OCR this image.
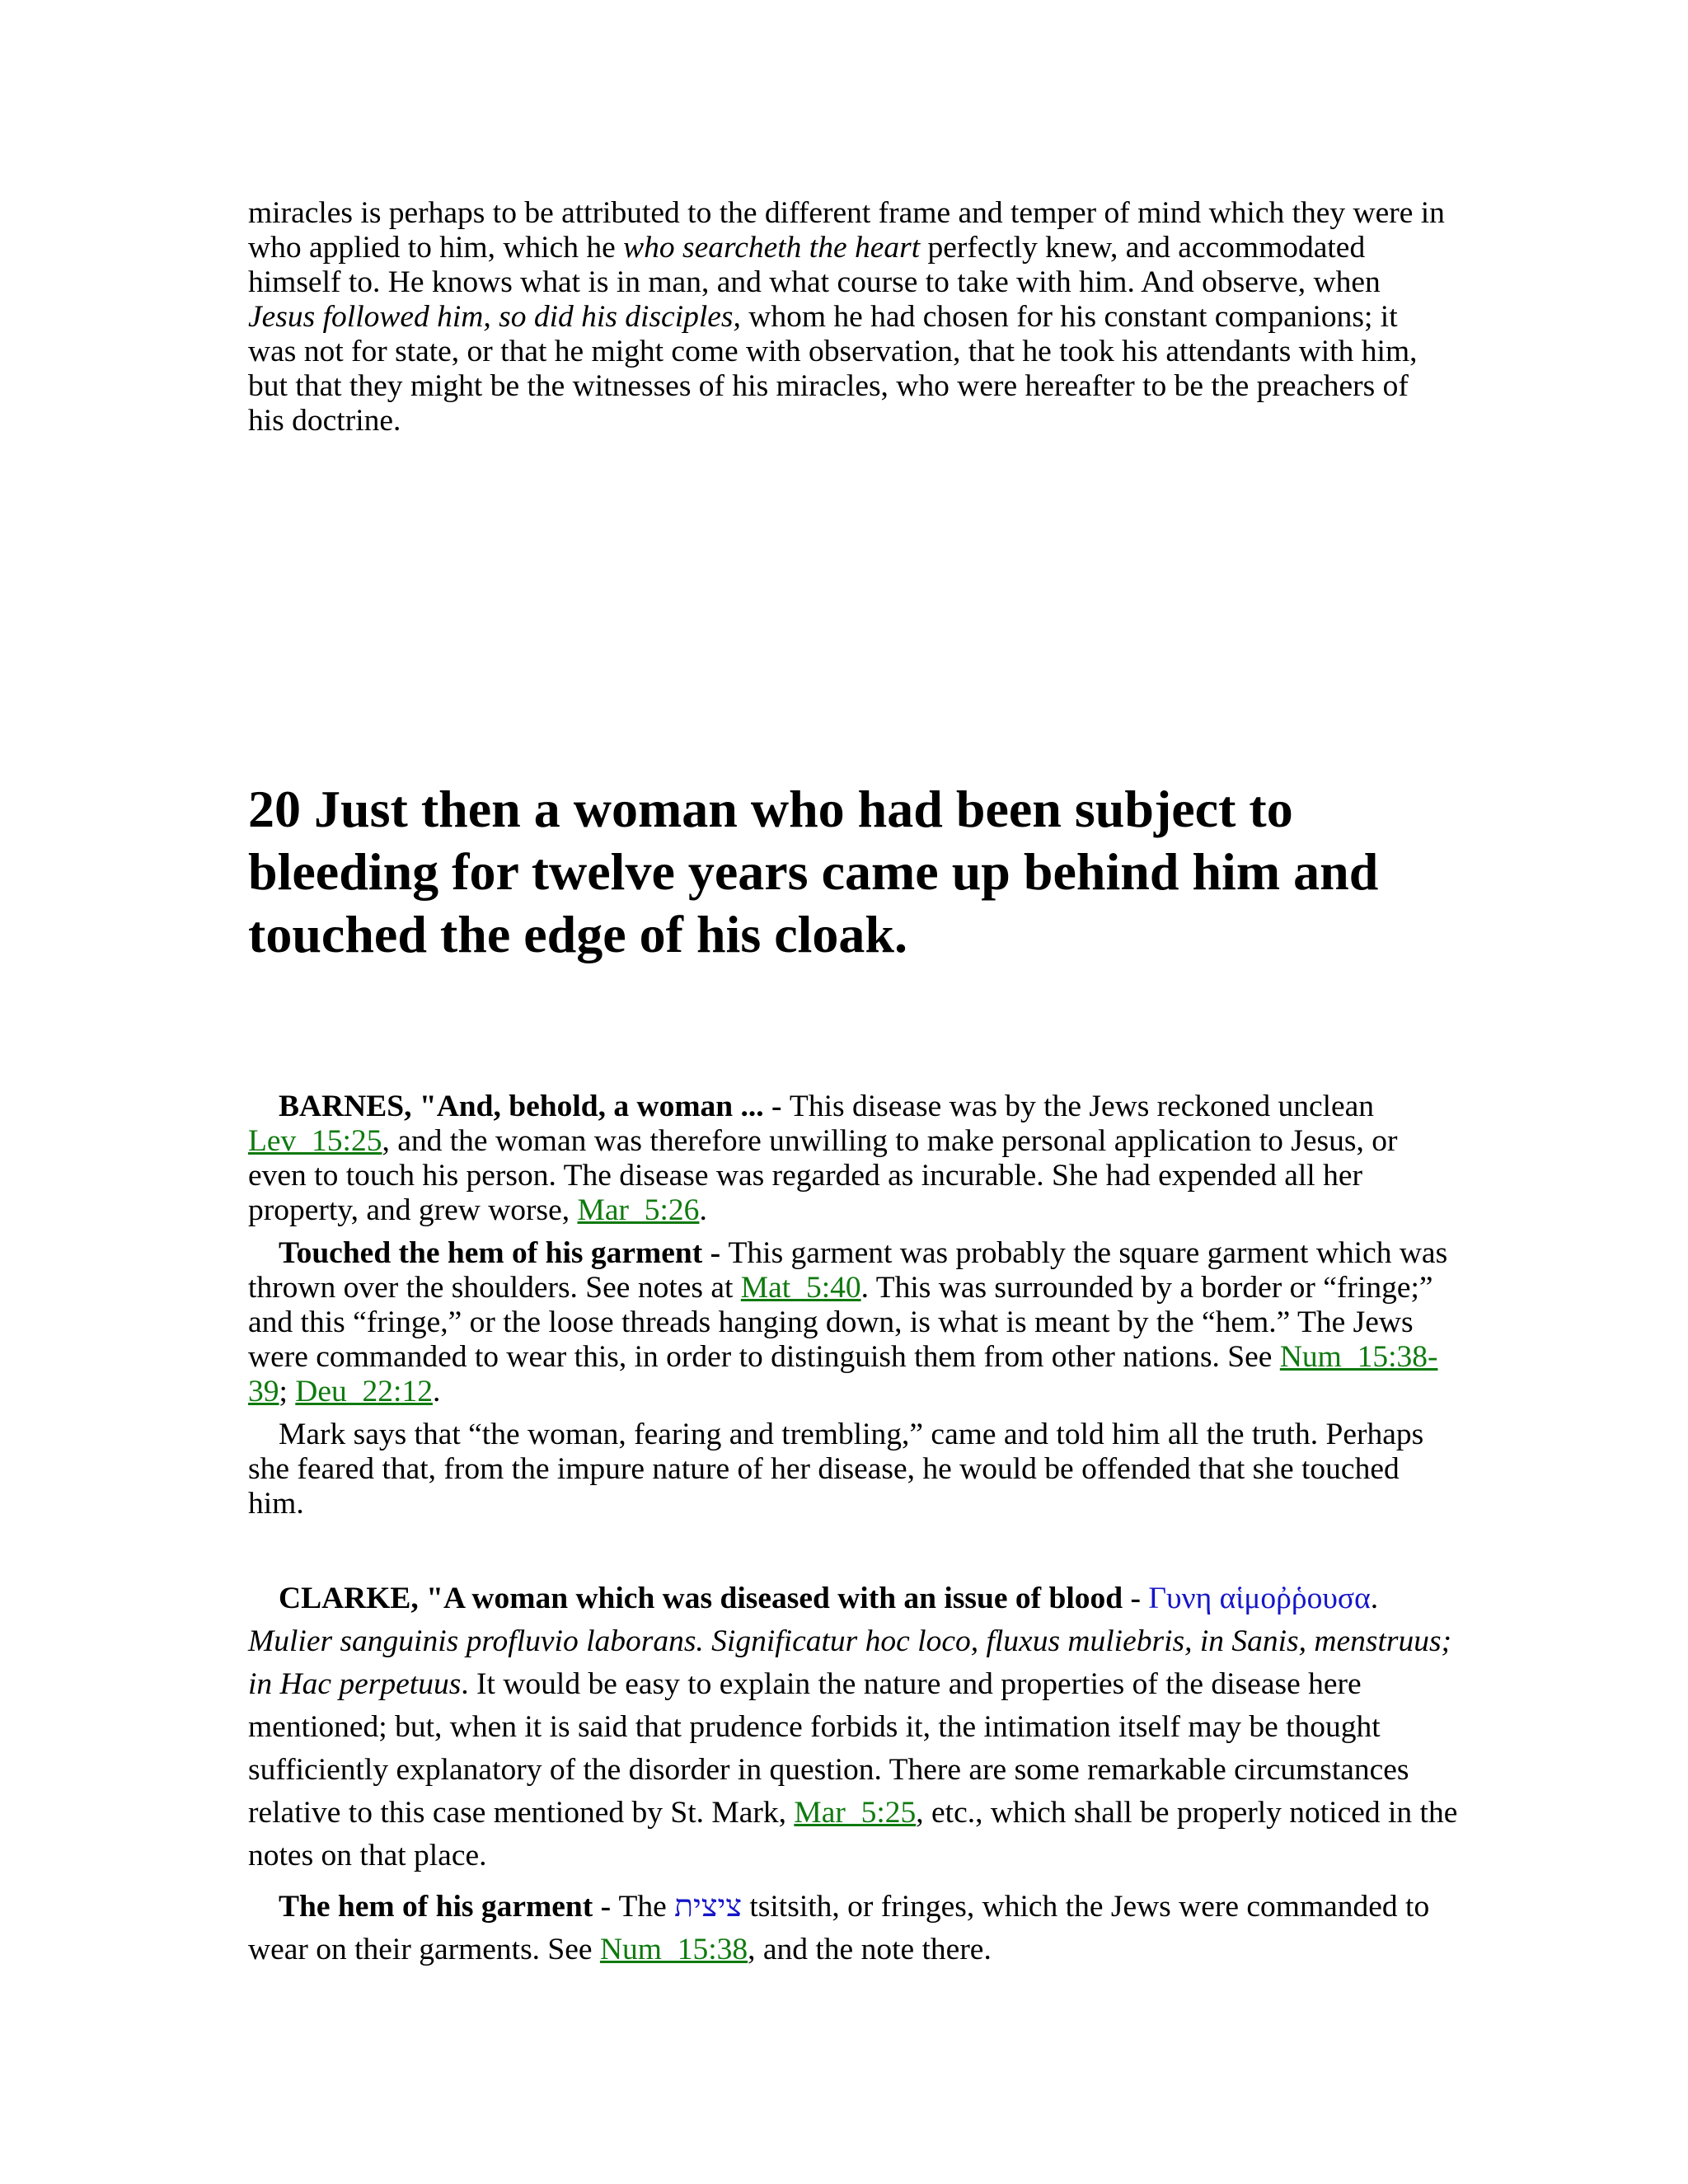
miracles is perhaps to be attributed to the different frame and temper of mind which they were in who applied to him, which he who searcheth the heart perfectly knew, and accommodated himself to. He knows what is in man, and what course to take with him. And observe, when Jesus followed him, so did his disciples, whom he had chosen for his constant companions; it was not for state, or that he might come with observation, that he took his attendants with him, but that they might be the witnesses of his miracles, who were hereafter to be the preachers of his doctrine.

20 Just then a woman who had been subject to bleeding for twelve years came up behind him and touched the edge of his cloak.

BARNES, "And, behold, a woman ... - This disease was by the Jews reckoned unclean Lev_15:25, and the woman was therefore unwilling to make personal application to Jesus, or even to touch his person. The disease was regarded as incurable. She had expended all her property, and grew worse, Mar_5:26.

Touched the hem of his garment - This garment was probably the square garment which was thrown over the shoulders. See notes at Mat_5:40. This was surrounded by a border or “fringe;” and this “fringe,” or the loose threads hanging down, is what is meant by the “hem.” The Jews were commanded to wear this, in order to distinguish them from other nations. See Num_15:38-39; Deu_22:12.

Mark says that “the woman, fearing and trembling,” came and told him all the truth. Perhaps she feared that, from the impure nature of her disease, he would be offended that she touched him.

CLARKE, "A woman which was diseased with an issue of blood - Γυνη αἱμοῤῥουσα. Mulier sanguinis profluvio laborans. Significatur hoc loco, fluxus muliebris, in Sanis, menstruus; in Hac perpetuus. It would be easy to explain the nature and properties of the disease here mentioned; but, when it is said that prudence forbids it, the intimation itself may be thought sufficiently explanatory of the disorder in question. There are some remarkable circumstances relative to this case mentioned by St. Mark, Mar_5:25, etc., which shall be properly noticed in the notes on that place.

The hem of his garment - The ציצית tsitsith, or fringes, which the Jews were commanded to wear on their garments. See Num_15:38, and the note there.
